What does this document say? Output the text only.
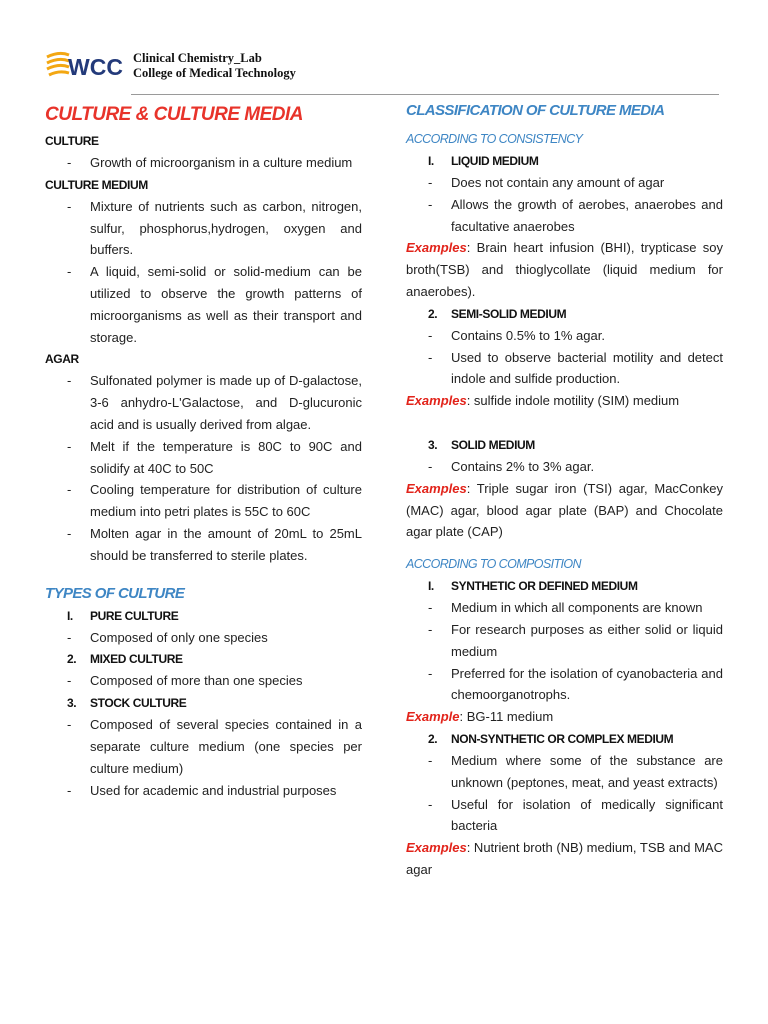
WCC Clinical Chemistry_Lab
College of Medical Technology
CULTURE & CULTURE MEDIA
CULTURE
-	Growth of microorganism in a culture medium
CULTURE MEDIUM
-	Mixture of nutrients such as carbon, nitrogen, sulfur, phosphorus,hydrogen, oxygen and buffers.
-	A liquid, semi-solid or solid-medium can be utilized to observe the growth patterns of microorganisms as well as their transport and storage.
AGAR
-	Sulfonated polymer is made up of D-galactose, 3-6 anhydro-L'Galactose, and D-glucuronic acid and is usually derived from algae.
-	Melt if the temperature is 80C to 90C and solidify at 40C to 50C
-	Cooling temperature for distribution of culture medium into petri plates is 55C to 60C
-	Molten agar in the amount of 20mL to 25mL should be transferred to sterile plates.
TYPES OF CULTURE
I.	PURE CULTURE
-	Composed of only one species
2.	MIXED CULTURE
-	Composed of more than one species
3.	STOCK CULTURE
-	Composed of several species contained in a separate culture medium (one species per culture medium)
-	Used for academic and industrial purposes
CLASSIFICATION OF CULTURE MEDIA
ACCORDING TO CONSISTENCY
I.	LIQUID MEDIUM
-	Does not contain any amount of agar
-	Allows the growth of aerobes, anaerobes and facultative anaerobes
Examples: Brain heart infusion (BHI), trypticase soy broth(TSB) and thioglycollate (liquid medium for anaerobes).
2.	SEMI-SOLID MEDIUM
-	Contains 0.5% to 1% agar.
-	Used to observe bacterial motility and detect indole and sulfide production.
Examples: sulfide indole motility (SIM) medium
3.	SOLID MEDIUM
-	Contains 2% to 3% agar.
Examples: Triple sugar iron (TSI) agar, MacConkey (MAC) agar, blood agar plate (BAP) and Chocolate agar plate (CAP)
ACCORDING TO COMPOSITION
I.	SYNTHETIC OR DEFINED MEDIUM
-	Medium in which all components are known
-	For research purposes as either solid or liquid medium
-	Preferred for the isolation of cyanobacteria and chemoorganotrophs.
Example: BG-11 medium
2.	NON-SYNTHETIC OR COMPLEX MEDIUM
-	Medium where some of the substance are unknown (peptones, meat, and yeast extracts)
-	Useful for isolation of medically significant bacteria
Examples: Nutrient broth (NB) medium, TSB and MAC agar
